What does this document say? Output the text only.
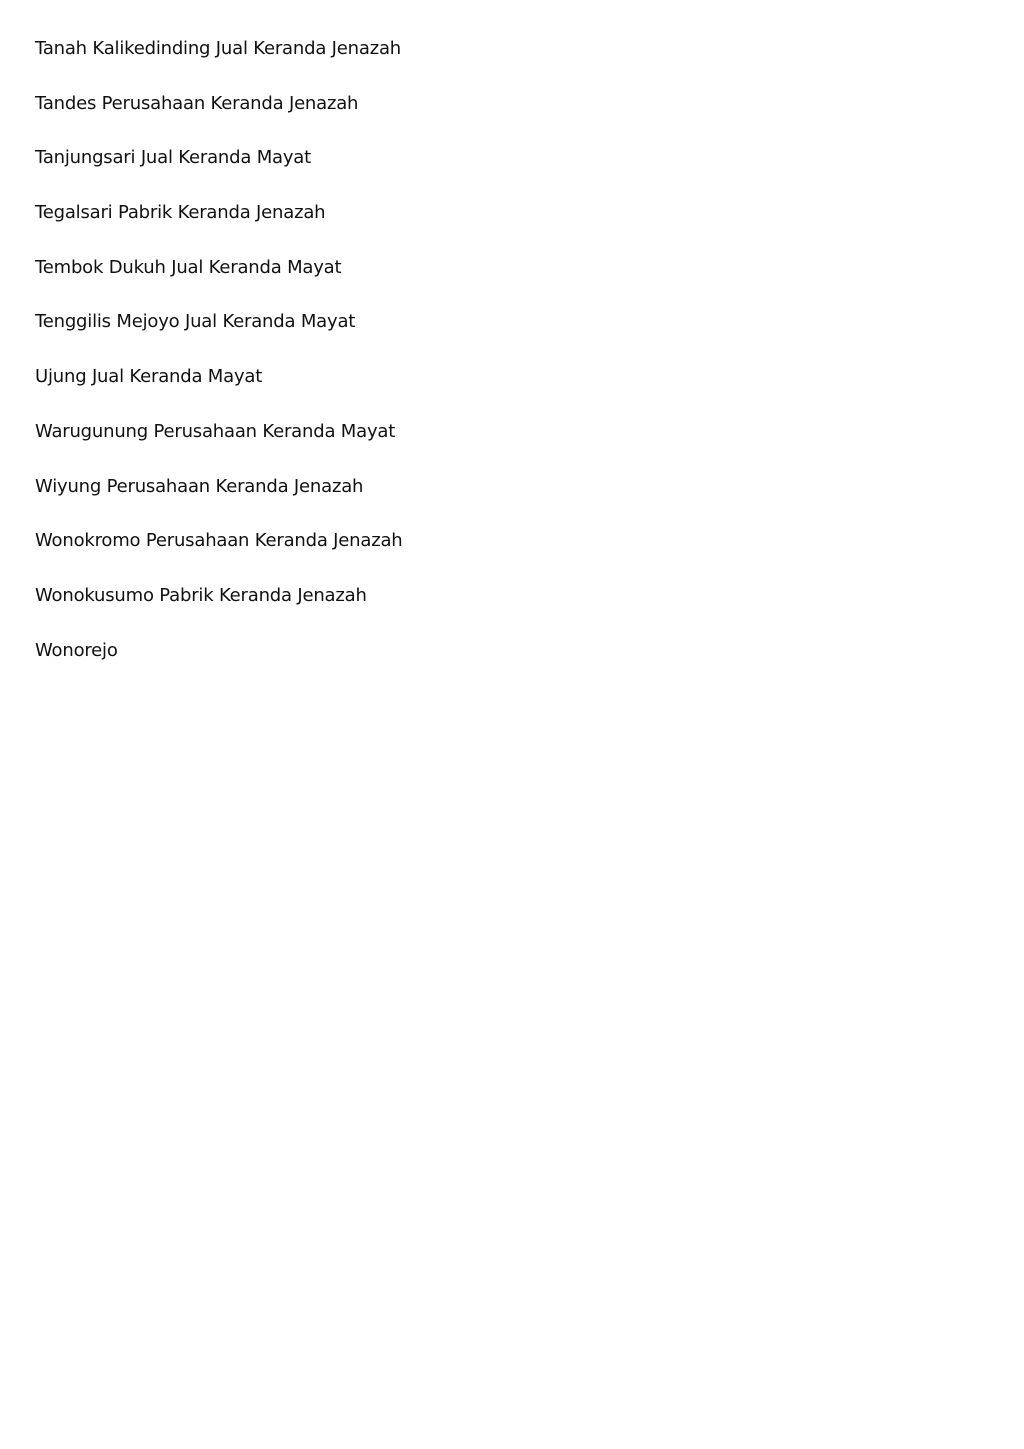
Tanah Kalikedinding Jual Keranda Jenazah
Tandes Perusahaan Keranda Jenazah
Tanjungsari Jual Keranda Mayat
Tegalsari Pabrik Keranda Jenazah
Tembok Dukuh Jual Keranda Mayat
Tenggilis Mejoyo Jual Keranda Mayat
Ujung Jual Keranda Mayat
Warugunung Perusahaan Keranda Mayat
Wiyung Perusahaan Keranda Jenazah
Wonokromo Perusahaan Keranda Jenazah
Wonokusumo Pabrik Keranda Jenazah
Wonorejo
